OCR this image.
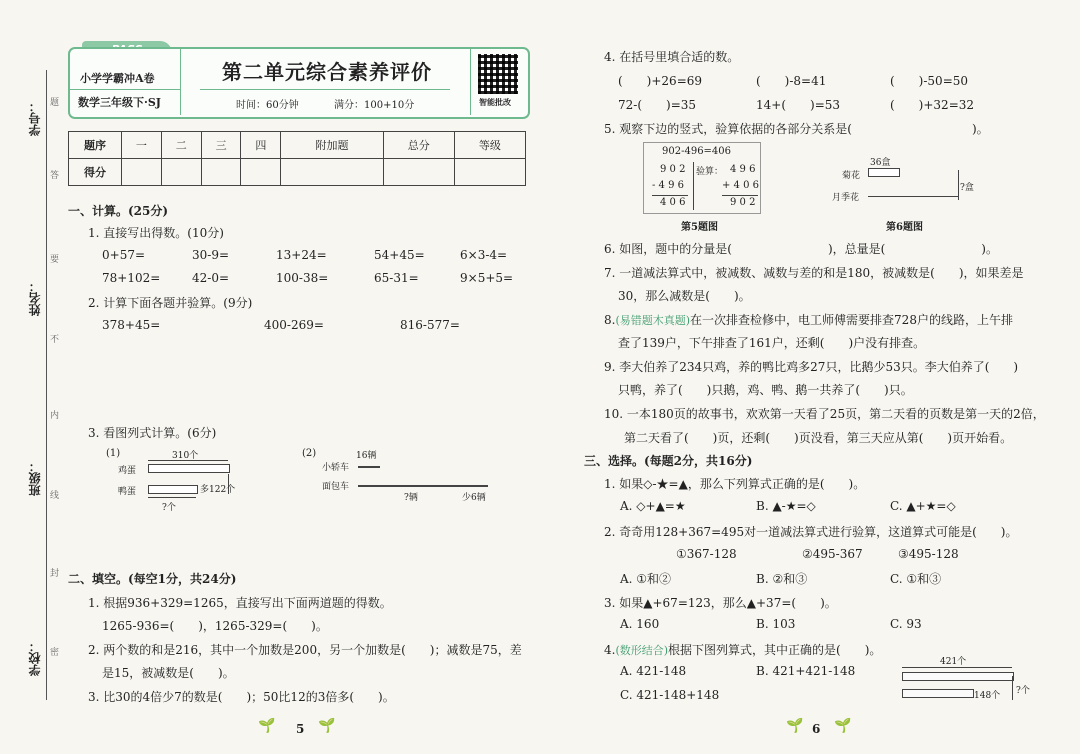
学号：
姓名：
班级：
学校：
题
答
要
不
内
线
封
密
小学学霸冲A卷
数学三年级下·SJ
第二单元综合素养评价
时间：60分钟	满分：100+10分	智能批改
题序	一	二	三	四	附加题	总分	等级
得分							
一、计算。(25分)
1. 直接写出得数。(10分)
0+57=	30-9=	13+24=	54+45=	6×3-4=
78+102=	42-0=	100-38=	65-31=	9×5+5=
2. 计算下面各题并验算。(9分)
378+45=	400-269=	816-577=
3. 看图列式计算。(6分)
(1)	310个
鸡蛋
鸭蛋	多122个
?个
(2)	16辆
小轿车
面包车
?辆	少6辆
二、填空。(每空1分，共24分)
1. 根据936+329=1265，直接写出下面两道题的得数。
1265-936=(　　)，1265-329=(　　)。
2. 两个数的和是216，其中一个加数是200，另一个加数是(　　)；减数是75，差
是15，被减数是(　　)。
3. 比30的4倍少7的数是(　　)；50比12的3倍多(　　)。
🌱 5 🌱
4. 在括号里填合适的数。
(　　)+26=69	(　　)-8=41	(　　)-50=50
72-(　　)=35	14+(　　)=53	(　　)+32=32
5. 观察下边的竖式，验算依据的各部分关系是(　　　　　　　　　　)。
902-496=406
9 0 2
- 4 9 6
4 0 6
验算： 4 9 6
+ 4 0 6
9 0 2
第5题图
36盒
菊花
月季花
?盒
第6题图
6. 如图，题中的分量是(　　　　　　　　)，总量是(　　　　　　　　)。
7. 一道减法算式中，被减数、减数与差的和是180，被减数是(　　)，如果差是
30，那么减数是(　　)。
8.(易错题木真题)在一次排查检修中，电工师傅需要排查728户的线路，上午排
查了139户，下午排查了161户，还剩(　　)户没有排查。
9. 李大伯养了234只鸡，养的鸭比鸡多27只，比鹅少53只。李大伯养了(　　)
只鸭，养了(　　)只鹅，鸡、鸭、鹅一共养了(　　)只。
10. 一本180页的故事书，欢欢第一天看了25页，第二天看的页数是第一天的2倍，
第二天看了(　　)页，还剩(　　)页没看，第三天应从第(　　)页开始看。
三、选择。(每题2分，共16分)
1. 如果◇-★=▲，那么下列算式正确的是(　　)。
A. ◇+▲=★	B. ▲-★=◇	C. ▲+★=◇
2. 奇奇用128+367=495对一道减法算式进行验算，这道算式可能是(　　)。
①367-128	②495-367	③495-128
A. ①和②	B. ②和③	C. ①和③
3. 如果▲+67=123，那么▲+37=(　　)。
A. 160	B. 103	C. 93
4.(数形结合)根据下图列算式，其中正确的是(　　)。
A. 421-148	B. 421+421-148
C. 421-148+148
421个
148个 ?个
🌱 6 🌱
